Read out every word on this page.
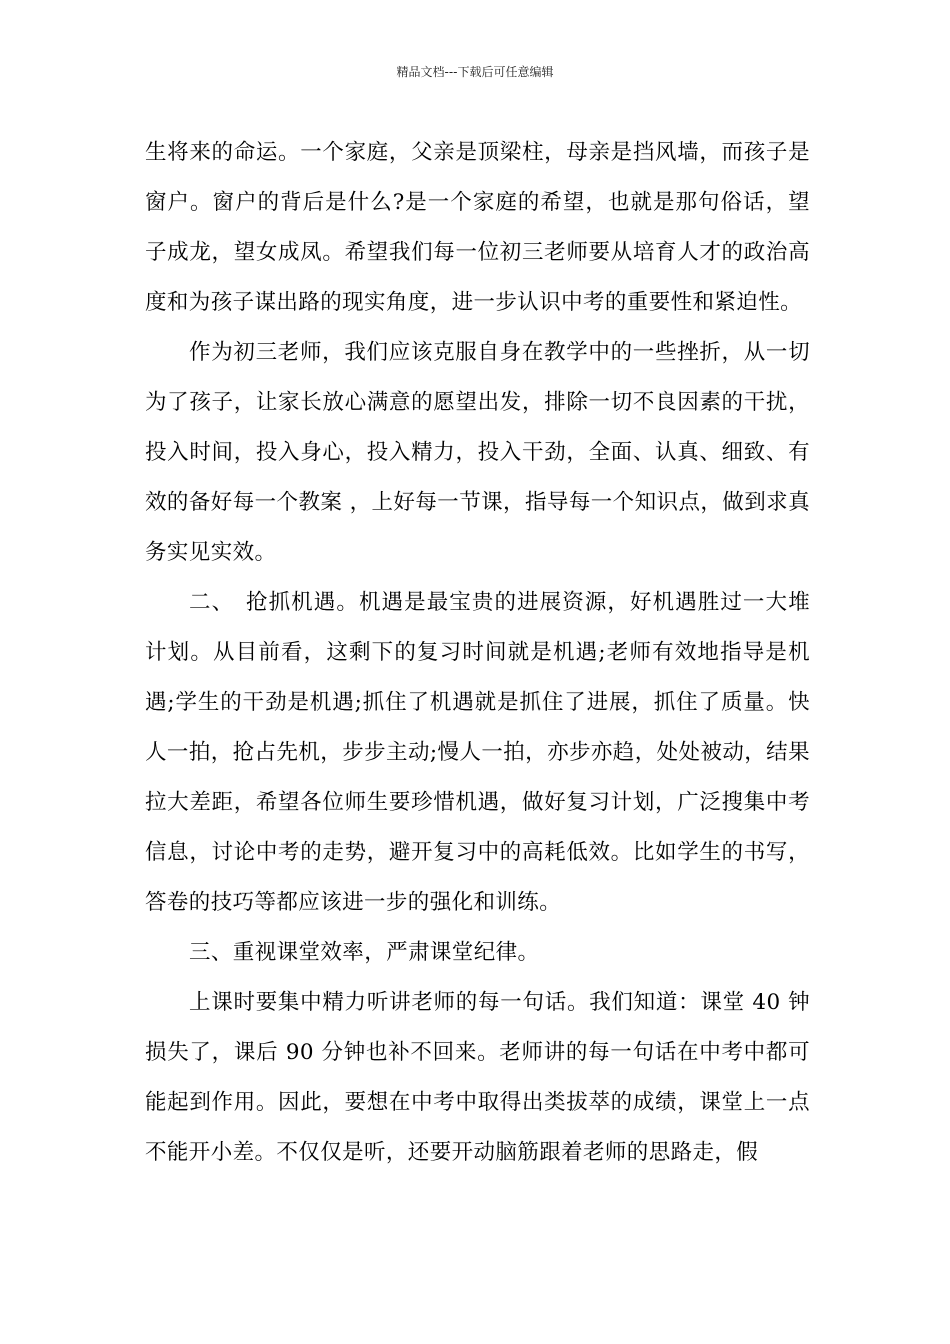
精品文档---下载后可任意编辑

生将来的命运。一个家庭，父亲是顶梁柱，母亲是挡风墙，而孩子是窗户。窗户的背后是什么?是一个家庭的希望，也就是那句俗话，望子成龙，望女成凤。希望我们每一位初三老师要从培育人才的政治高度和为孩子谋出路的现实角度，进一步认识中考的重要性和紧迫性。

作为初三老师，我们应该克服自身在教学中的一些挫折，从一切为了孩子，让家长放心满意的愿望出发，排除一切不良因素的干扰，投入时间，投入身心，投入精力，投入干劲，全面、认真、细致、有效的备好每一个教案 ，上好每一节课，指导每一个知识点，做到求真务实见实效。

二、　抢抓机遇。机遇是最宝贵的进展资源，好机遇胜过一大堆计划。从目前看，这剩下的复习时间就是机遇;老师有效地指导是机遇;学生的干劲是机遇;抓住了机遇就是抓住了进展，抓住了质量。快人一拍，抢占先机，步步主动;慢人一拍，亦步亦趋，处处被动，结果拉大差距，希望各位师生要珍惜机遇，做好复习计划，广泛搜集中考信息，讨论中考的走势，避开复习中的高耗低效。比如学生的书写，答卷的技巧等都应该进一步的强化和训练。

三、重视课堂效率，严肃课堂纪律。

上课时要集中精力听讲老师的每一句话。我们知道：课堂 40 钟损失了，课后 90 分钟也补不回来。老师讲的每一句话在中考中都可能起到作用。因此，要想在中考中取得出类拔萃的成绩，课堂上一点不能开小差。不仅仅是听，还要开动脑筋跟着老师的思路走，假
